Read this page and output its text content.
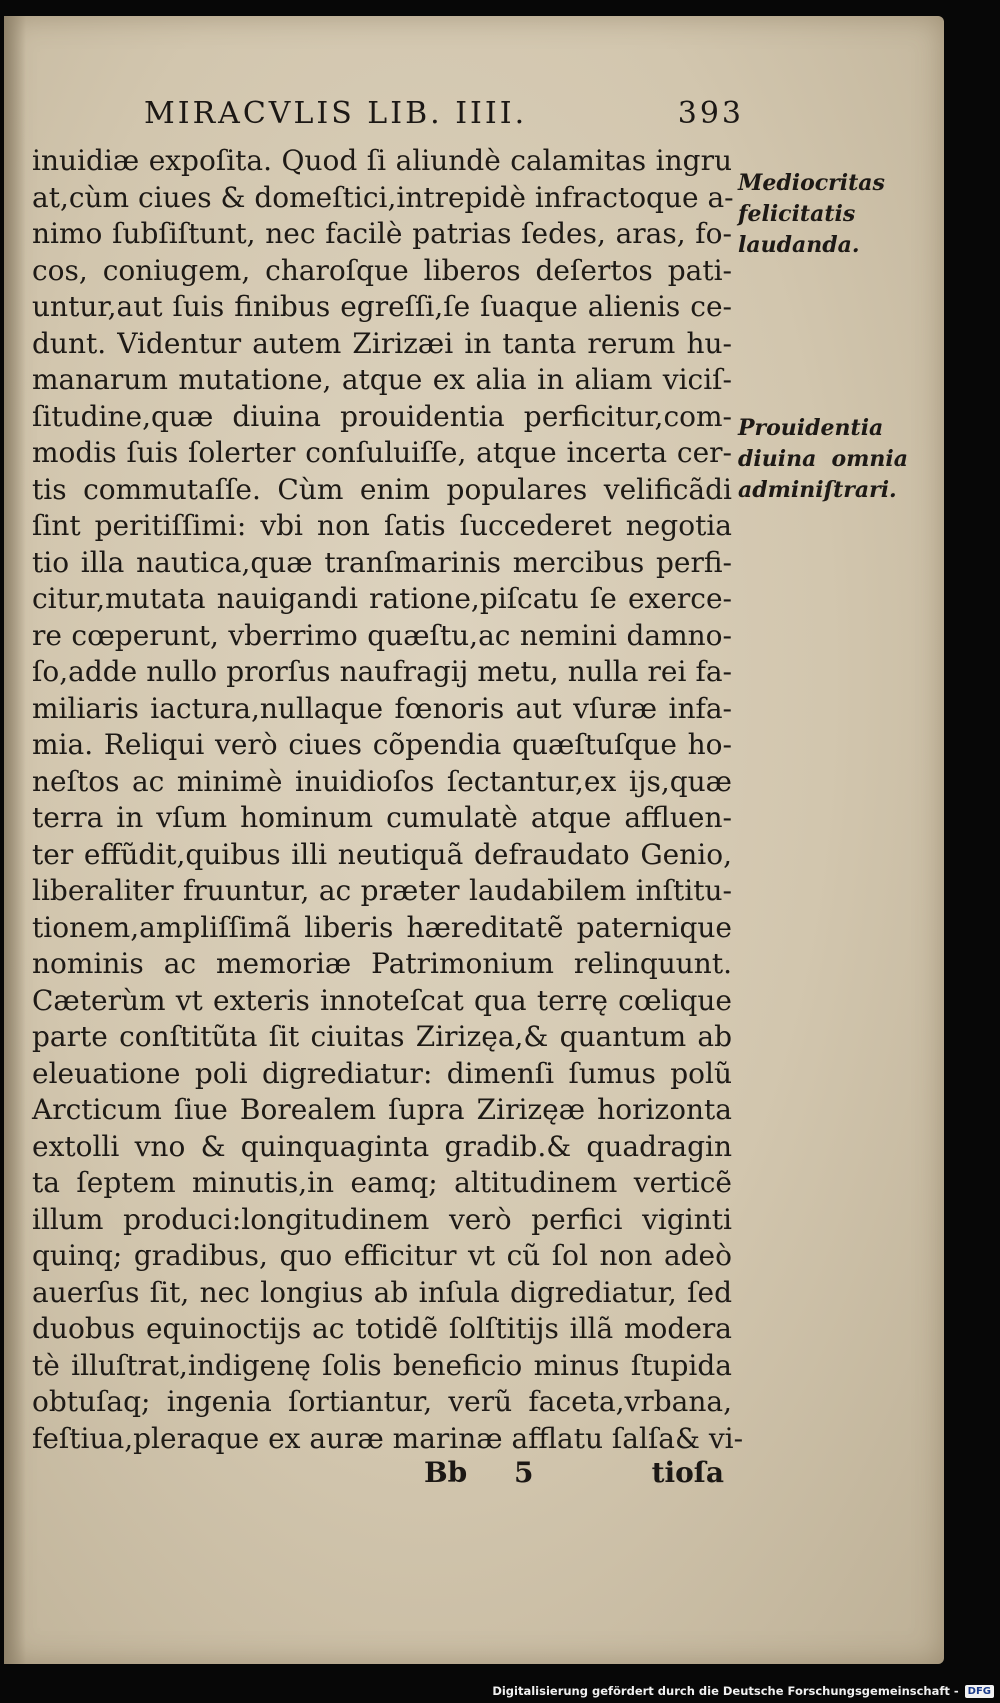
MIRACVLIS LIB. IIII.	393
inuidiæ expoſita. Quod ſi aliundè calamitas ingru
at,cùm ciues & domeſtici,intrepidè infractoque a-
nimo ſubſiſtunt, nec facilè patrias ſedes, aras, fo-
cos, coniugem, charoſque liberos deſertos pati-
untur,aut ſuis finibus egreſſi,ſe ſuaque alienis ce-
dunt. Videntur autem Zirizæi in tanta rerum hu-
manarum mutatione, atque ex alia in aliam viciſ-
ſitudine,quæ diuina prouidentia perficitur,com-
modis ſuis ſolerter conſuluiſſe, atque incerta cer-
tis commutaſſe. Cùm enim populares velificãdi
ſint peritiſſimi: vbi non ſatis ſuccederet negotia
tio illa nautica,quæ tranſmarinis mercibus perfi-
citur,mutata nauigandi ratione,piſcatu ſe exerce-
re cœperunt, vberrimo quæſtu,ac nemini damno-
ſo,adde nullo prorſus naufragij metu, nulla rei fa-
miliaris iactura,nullaque fœnoris aut vſuræ infa-
mia. Reliqui verò ciues cõpendia quæſtuſque ho-
neſtos ac minimè inuidioſos ſectantur,ex ijs,quæ
terra in vſum hominum cumulatè atque affluen-
ter effũdit,quibus illi neutiquã defraudato Genio,
liberaliter fruuntur, ac præter laudabilem inſtitu-
tionem,ampliſſimã liberis hæreditatẽ paternique
nominis ac memoriæ Patrimonium relinquunt.
Cæterùm vt exteris innoteſcat qua terrę cœlique
parte conſtitũta ſit ciuitas Zirizęa,& quantum ab
eleuatione poli digrediatur: dimenſi ſumus polũ
Arcticum ſiue Borealem ſupra Zirizęæ horizonta
extolli vno & quinquaginta gradib.& quadragin
ta ſeptem minutis,in eamq; altitudinem verticẽ
illum produci:longitudinem verò perfici viginti
quinq; gradibus, quo efficitur vt cũ ſol non adeò
auerſus ſit, nec longius ab inſula digrediatur, ſed
duobus equinoctijs ac totidẽ ſolſtitijs illã modera
tè illuſtrat,indigenę ſolis beneficio minus ſtupida
obtuſaq; ingenia ſortiantur, verũ faceta,vrbana,
feſtiua,pleraque ex auræ marinæ afflatu ſalſa& vi-
Mediocritas
felicitatis
laudanda.
Prouidentia
diuina omnia
adminiſtrari.
Bb 5	tioſa
Digitalisierung gefördert durch die Deutsche Forschungsgemeinschaft - DFG
